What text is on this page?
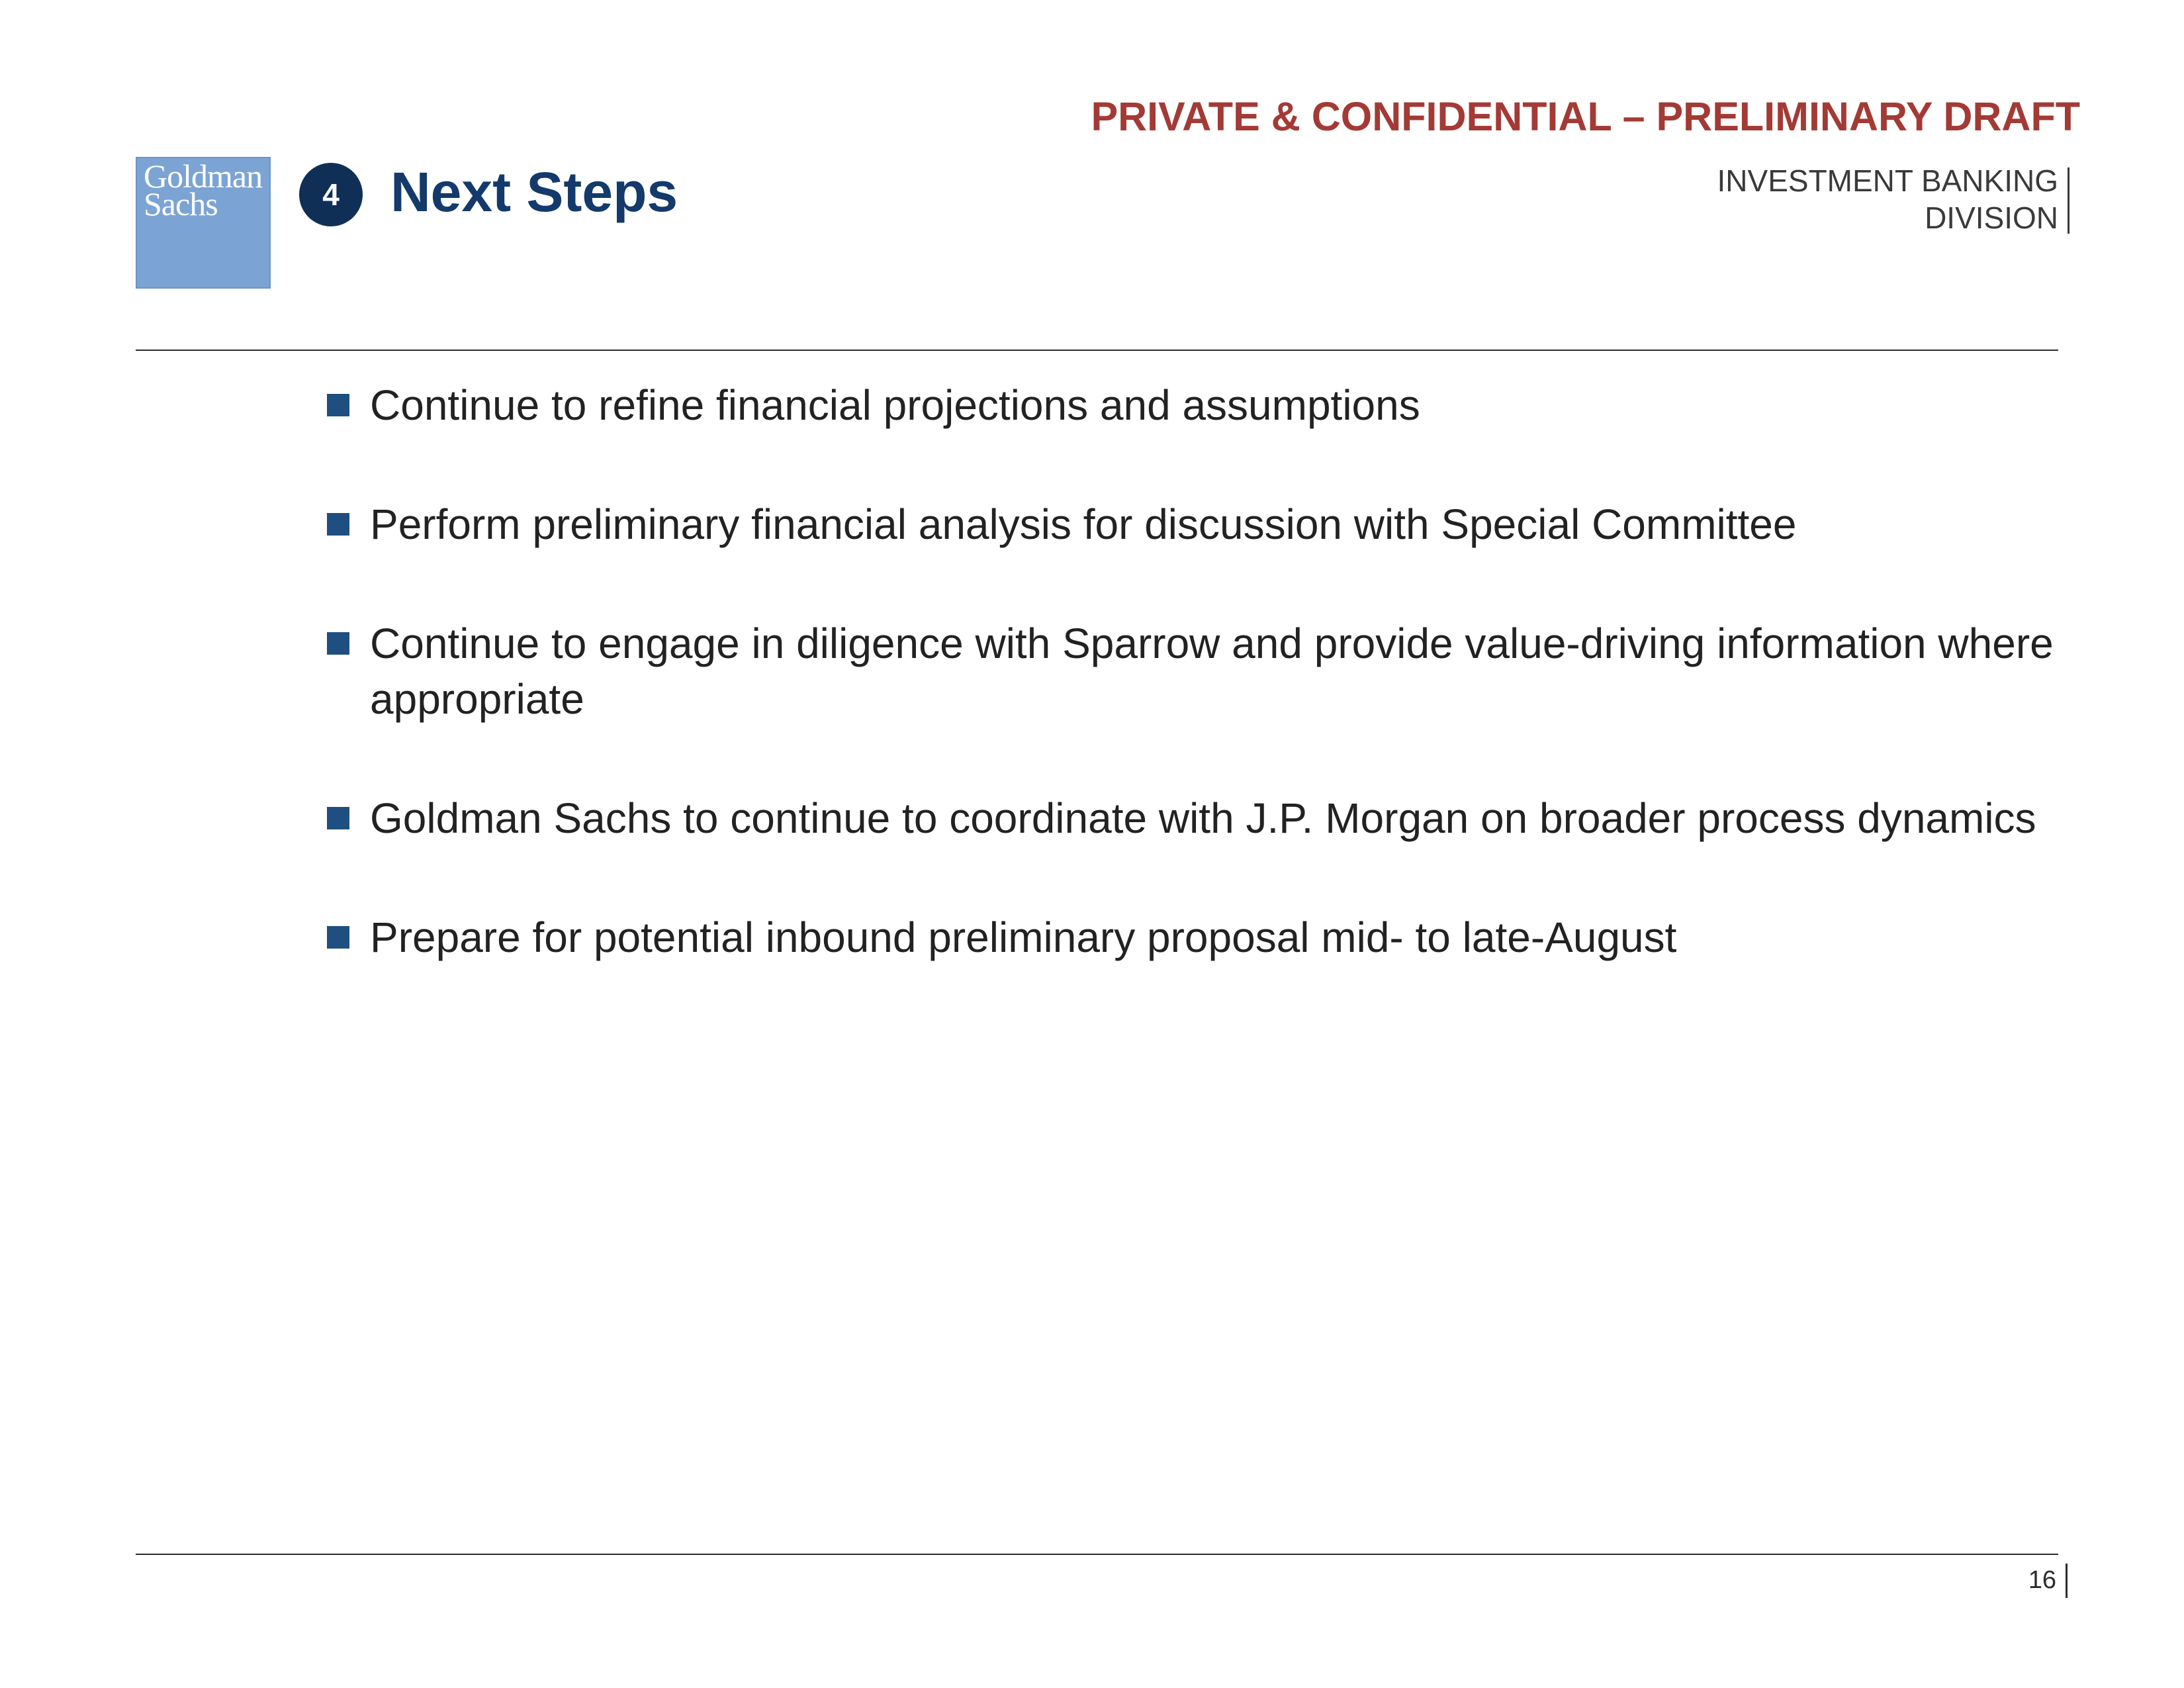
Goldman
Sachs	4 Next Steps
PRIVATE & CONFIDENTIAL – PRELIMINARY DRAFT
INVESTMENT BANKING
DIVISION
Continue to refine financial projections and assumptions
Perform preliminary financial analysis for discussion with Special Committee
Continue to engage in diligence with Sparrow and provide value-driving information where appropriate
Goldman Sachs to continue to coordinate with J.P. Morgan on broader process dynamics
Prepare for potential inbound preliminary proposal mid- to late-August
16
